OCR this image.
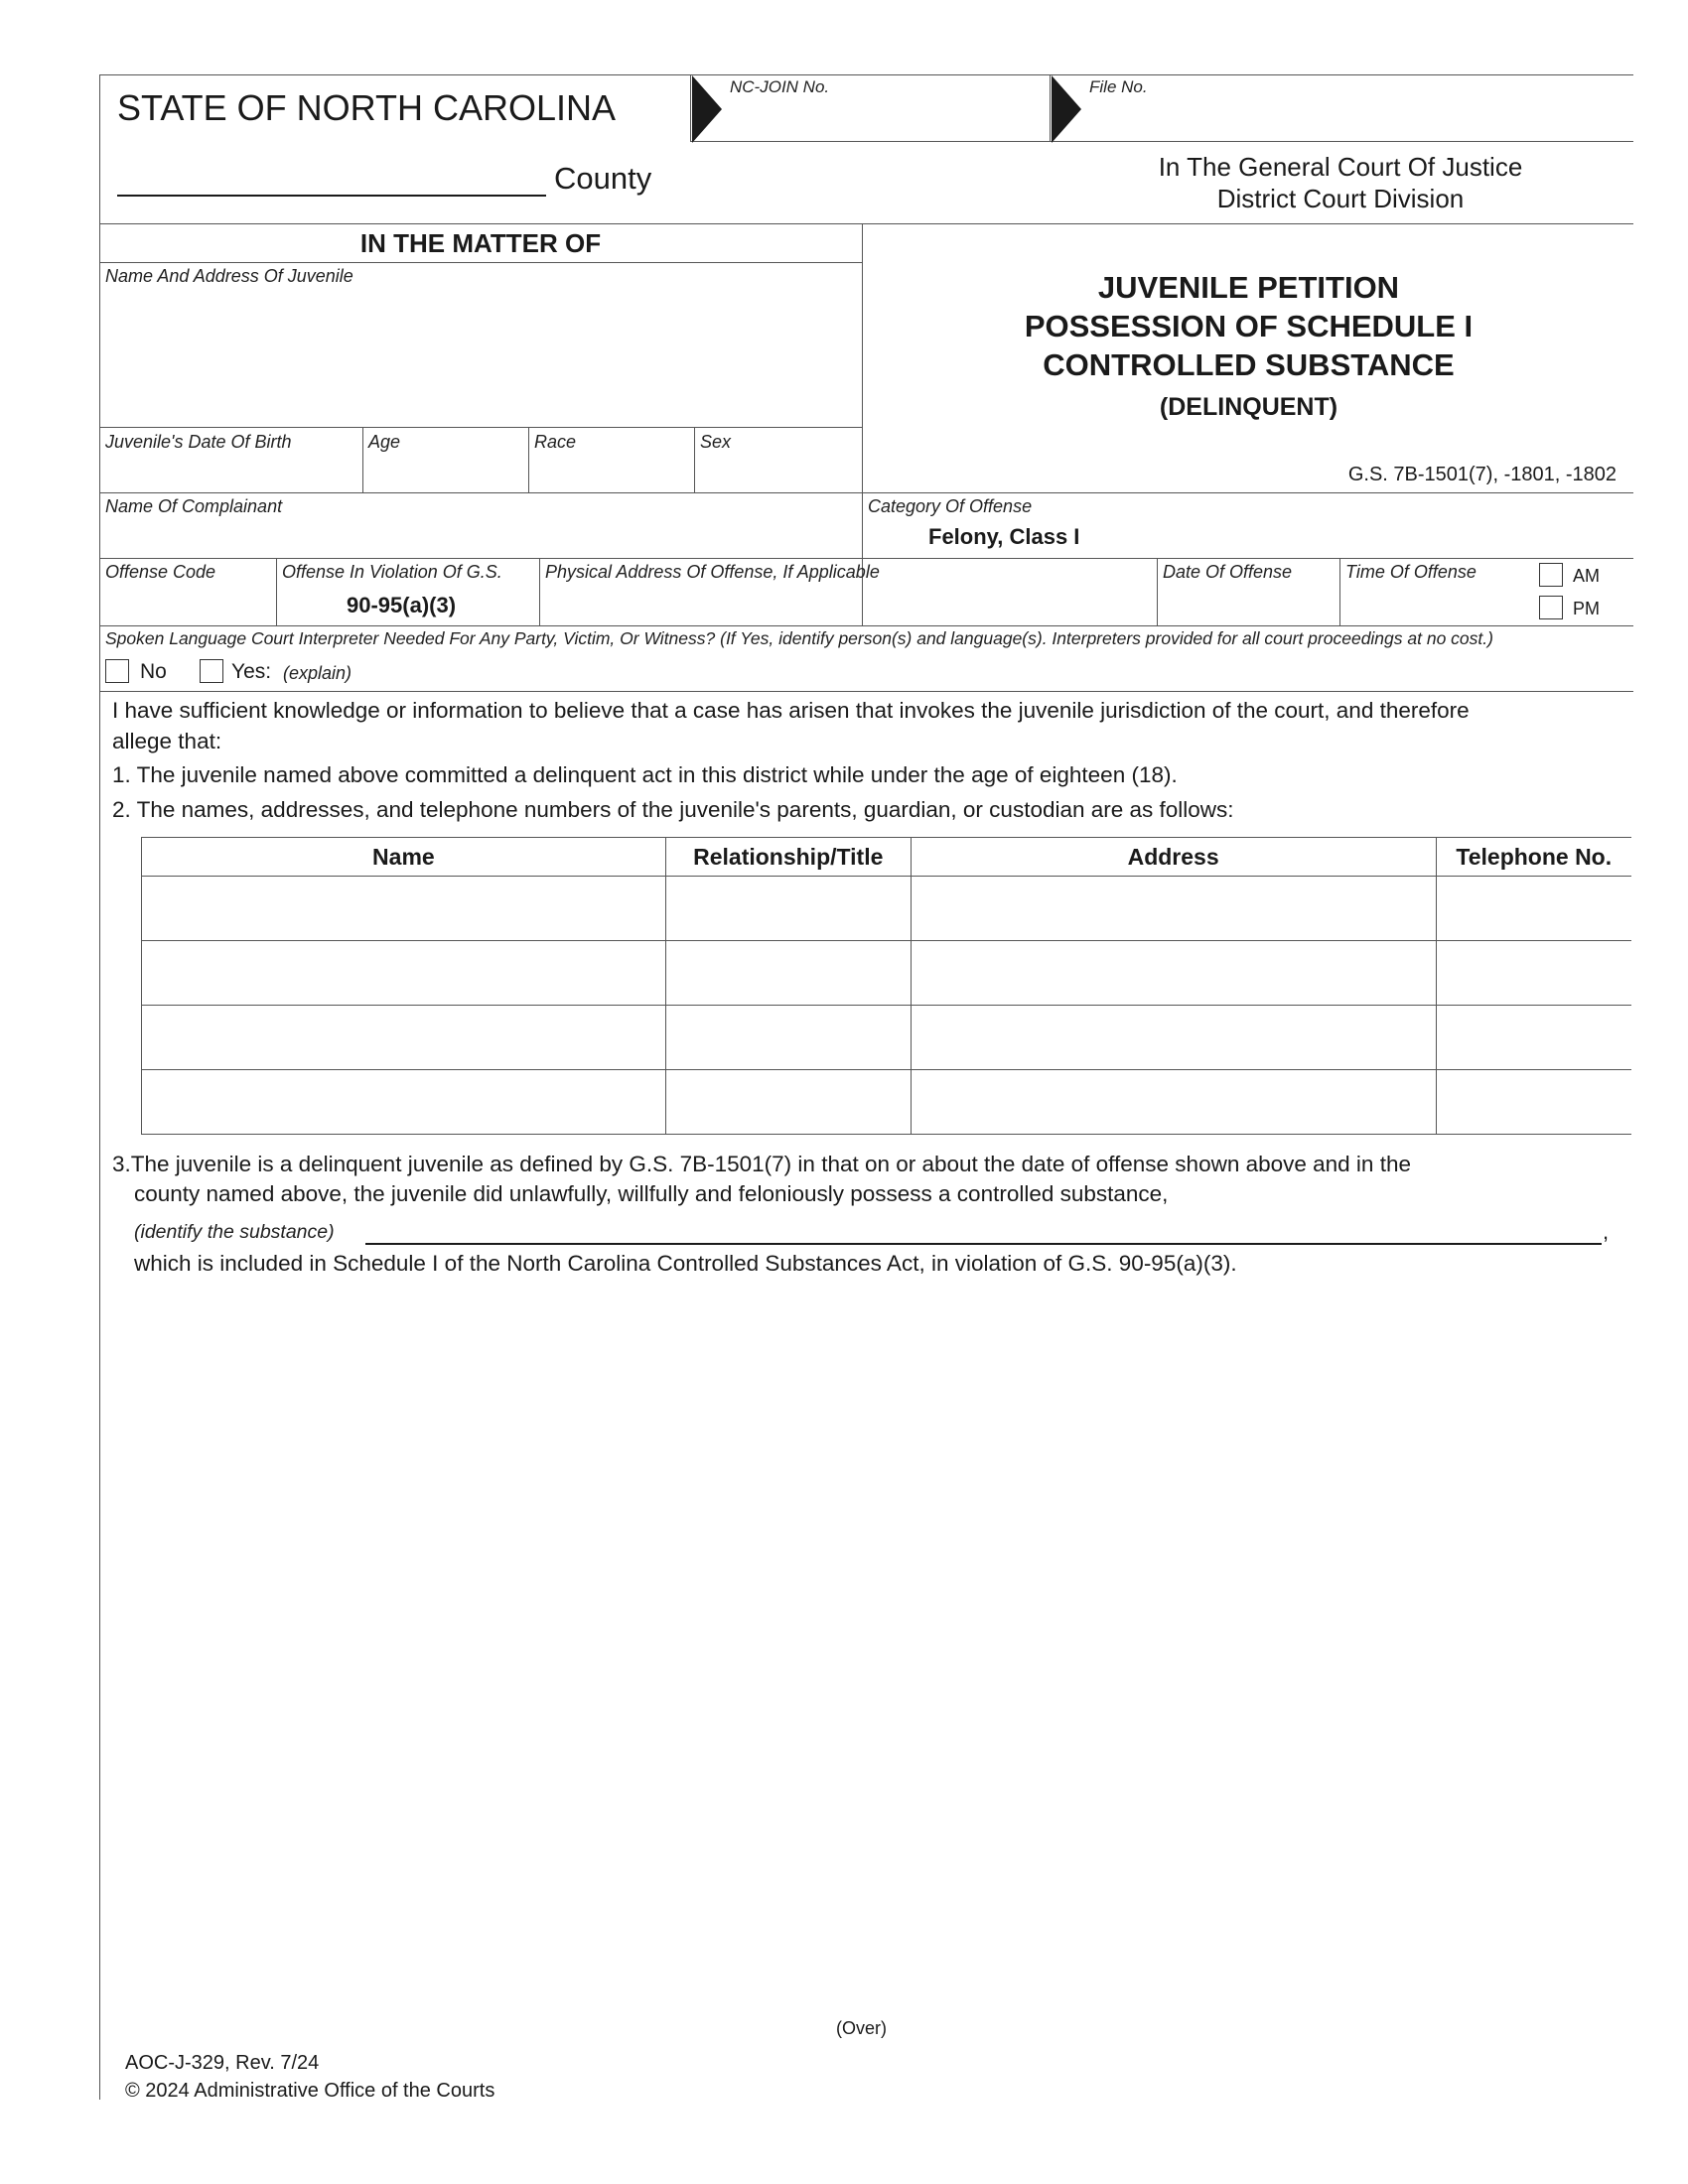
STATE OF NORTH CAROLINA
NC-JOIN No.	File No.
County	In The General Court Of Justice
District Court Division
IN THE MATTER OF
Name And Address Of Juvenile
Juvenile's Date Of Birth	Age	Race	Sex
JUVENILE PETITION
POSSESSION OF SCHEDULE I
CONTROLLED SUBSTANCE
(DELINQUENT)
G.S. 7B-1501(7), -1801, -1802
Name Of Complainant	Category Of Offense
Felony, Class I
Offense Code	Offense In Violation Of G.S.
90-95(a)(3)
Physical Address Of Offense, If Applicable	Date Of Offense	Time Of Offense	AM
PM
Spoken Language Court Interpreter Needed For Any Party, Victim, Or Witness? (If Yes, identify person(s) and language(s). Interpreters provided for all court proceedings at no cost.)
No	Yes: (explain)
I have sufficient knowledge or information to believe that a case has arisen that invokes the juvenile jurisdiction of the court, and therefore
allege that:
1. The juvenile named above committed a delinquent act in this district while under the age of eighteen (18).
2. The names, addresses, and telephone numbers of the juvenile's parents, guardian, or custodian are as follows:
Name	Relationship/Title	Address	Telephone No.

3.The juvenile is a delinquent juvenile as defined by G.S. 7B-1501(7) in that on or about the date of offense shown above and in the
county named above, the juvenile did unlawfully, willfully and feloniously possess a controlled substance,
(identify the substance)	,
which is included in Schedule I of the North Carolina Controlled Substances Act, in violation of G.S. 90-95(a)(3).
(Over)
AOC-J-329, Rev. 7/24
© 2024 Administrative Office of the Courts
